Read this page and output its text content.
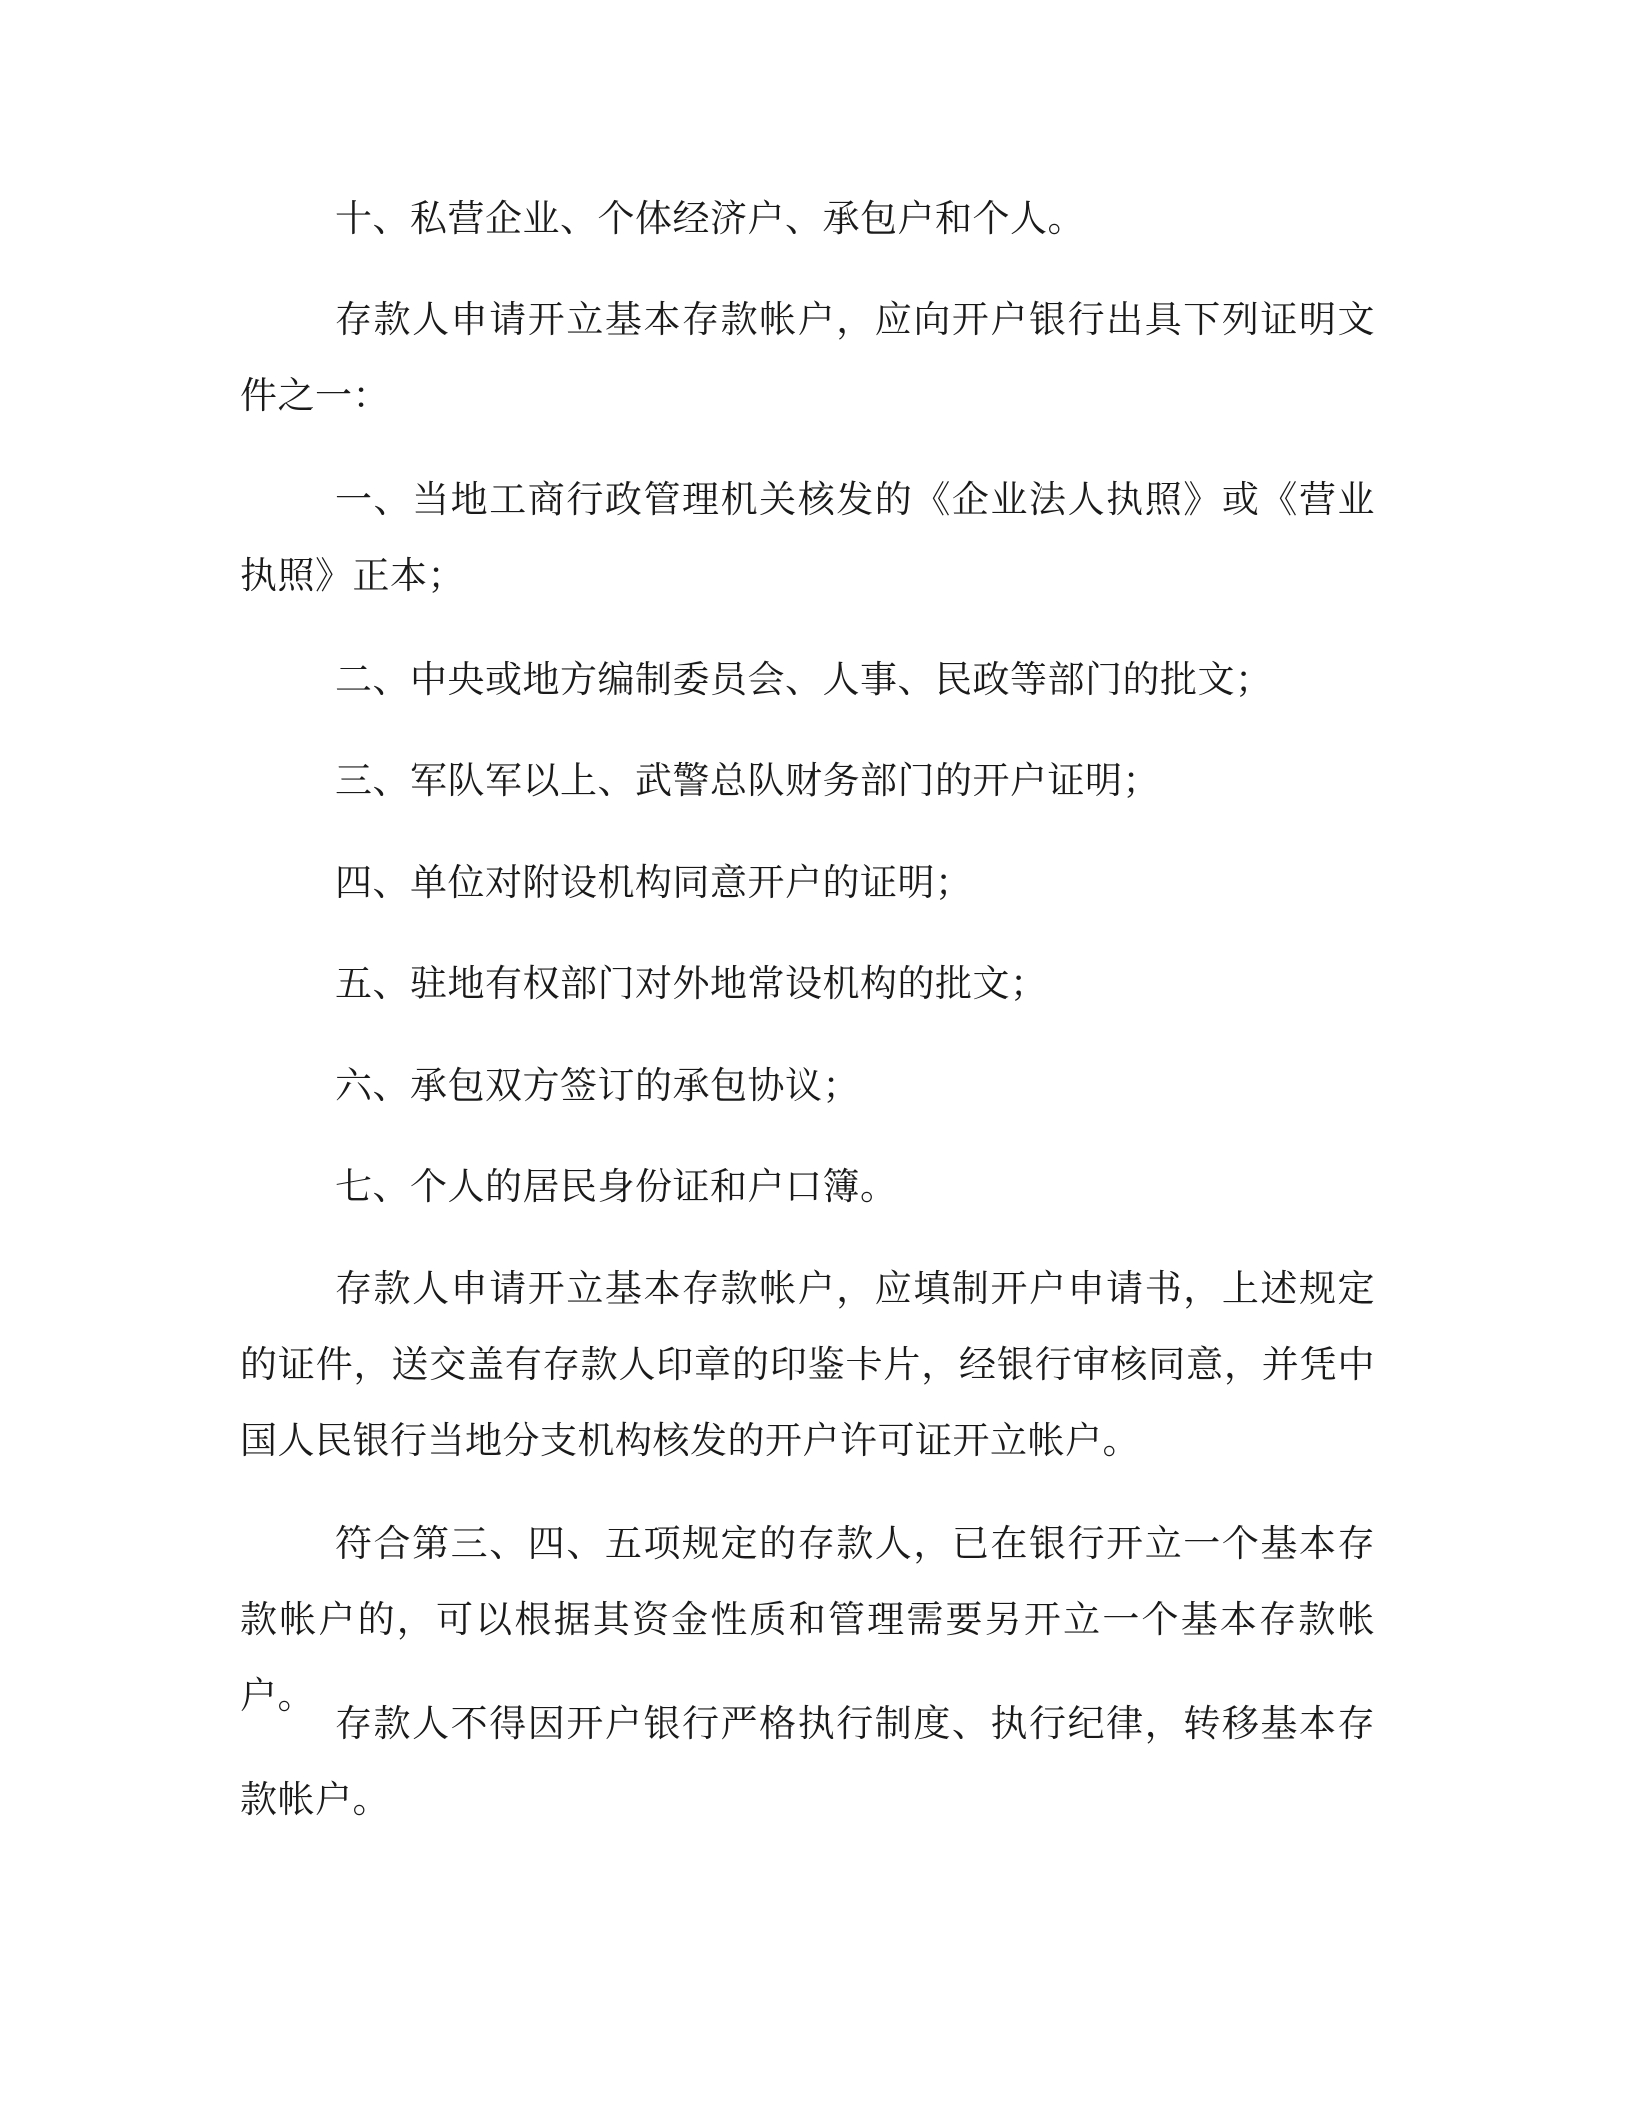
十、私营企业、个体经济户、承包户和个人。

存款人申请开立基本存款帐户，应向开户银行出具下列证明文件之一：

一、当地工商行政管理机关核发的《企业法人执照》或《营业执照》正本；

二、中央或地方编制委员会、人事、民政等部门的批文；

三、军队军以上、武警总队财务部门的开户证明；

四、单位对附设机构同意开户的证明；

五、驻地有权部门对外地常设机构的批文；

六、承包双方签订的承包协议；

七、个人的居民身份证和户口簿。

存款人申请开立基本存款帐户，应填制开户申请书，上述规定的证件，送交盖有存款人印章的印鉴卡片，经银行审核同意，并凭中国人民银行当地分支机构核发的开户许可证开立帐户。

符合第三、四、五项规定的存款人，已在银行开立一个基本存款帐户的，可以根据其资金性质和管理需要另开立一个基本存款帐户。

存款人不得因开户银行严格执行制度、执行纪律，转移基本存款帐户。
